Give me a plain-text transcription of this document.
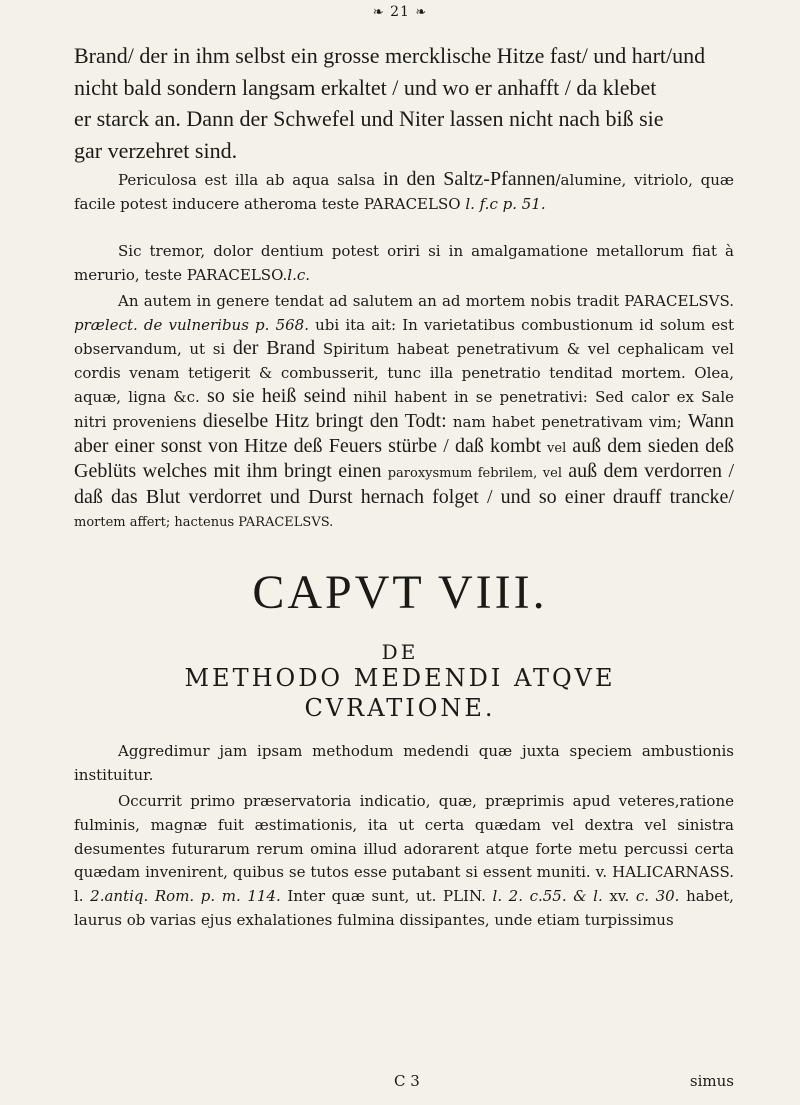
❧ 21 ❧

Brand/ der in ihm selbst ein grosse mercklische Hitze fast/ und hart/und
nicht bald sondern langsam erkaltet / und wo er anhafft / da klebet
er starck an. Dann der Schwefel und Niter lassen nicht nach biß sie
gar verzehret sind.

Periculosa est illa ab aqua salsa in den Saltz-Pfannen/alumine, vitriolo, quæ facile potest inducere atheroma teste PARACELSO l. f.c p. 51.

Sic tremor, dolor dentium potest oriri si in amalgamatione metallorum fiat à merurio, teste PARACELSO.l.c.

An autem in genere tendat ad salutem an ad mortem nobis tradit PARACELSVS. prælect. de vulneribus p. 568. ubi ita ait: In varietatibus combustionum id solum est observandum, ut si der Brand Spiritum habeat penetrativum & vel cephalicam vel cordis venam tetigerit & combusserit, tunc illa penetratio tenditad mortem. Olea, aquæ, ligna &c. so sie heiß seind nihil habent in se penetrativi: Sed calor ex Sale nitri proveniens dieselbe Hitz bringt den Todt: nam habet penetrativam vim; Wann aber einer sonst von Hitze deß Feuers stürbe / daß kombt vel auß dem sieden deß Geblüts welches mit ihm bringt einen paroxysmum febrilem, vel auß dem verdorren / daß das Blut verdorret und Durst hernach folget / und so einer drauff trancke/ mortem affert; hactenus PARACELSVS.

CAPVT VIII.
DE
METHODO MEDENDI ATQVE
CVRATIONE.

Aggredimur jam ipsam methodum medendi quæ juxta speciem ambustionis instituitur.

Occurrit primo præservatoria indicatio, quæ, præprimis apud veteres,ratione fulminis, magnæ fuit æstimationis, ita ut certa quædam vel dextra vel sinistra desumentes futurarum rerum omina illud adorarent atque forte metu percussi certa quædam invenirent, quibus se tutos esse putabant si essent muniti. v. HALICARNASS. l. 2.antiq. Rom. p. m. 114. Inter quæ sunt, ut. PLIN. l. 2. c.55. & l. xv. c. 30. habet, laurus ob varias ejus exhalationes fulmina dissipantes, unde etiam turpissimus

C 3	simus
